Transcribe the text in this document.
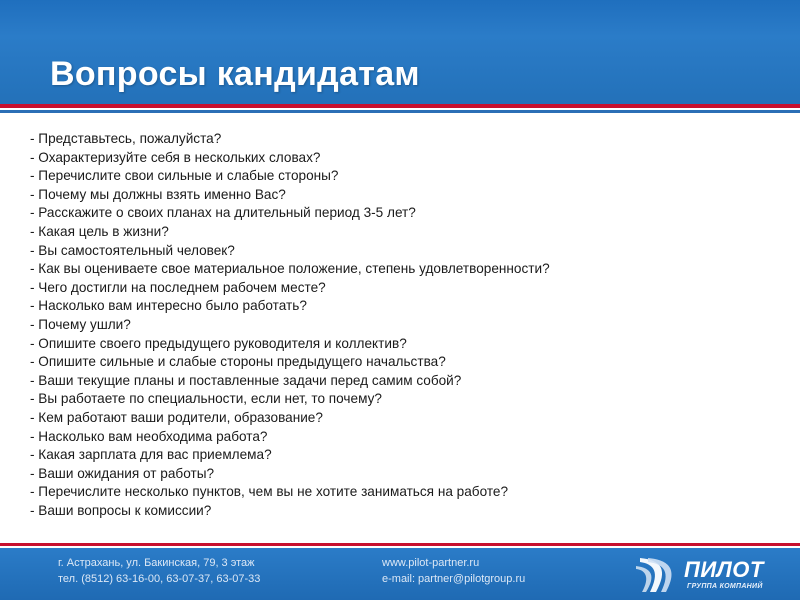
Вопросы кандидатам
- Представьтесь, пожалуйста?
- Охарактеризуйте себя в нескольких словах?
- Перечислите свои сильные и слабые стороны?
- Почему мы должны взять именно Вас?
- Расскажите о своих планах на длительный период 3-5 лет?
- Какая цель в жизни?
- Вы самостоятельный человек?
- Как вы оцениваете свое материальное положение, степень удовлетворенности?
- Чего достигли на последнем рабочем месте?
- Насколько вам интересно было работать?
- Почему ушли?
- Опишите своего предыдущего руководителя и коллектив?
- Опишите сильные и слабые стороны предыдущего начальства?
- Ваши текущие планы и поставленные задачи перед самим собой?
- Вы работаете по специальности, если нет, то почему?
- Кем работают ваши родители, образование?
- Насколько вам необходима работа?
- Какая зарплата для вас приемлема?
- Ваши ожидания от работы?
- Перечислите несколько пунктов, чем вы не хотите заниматься на работе?
- Ваши вопросы к комиссии?
г. Астрахань, ул. Бакинская, 79, 3 этаж
тел. (8512) 63-16-00, 63-07-37, 63-07-33
www.pilot-partner.ru
e-mail: partner@pilotgroup.ru	ПИЛОТ
ГРУППА КОМПАНИЙ
